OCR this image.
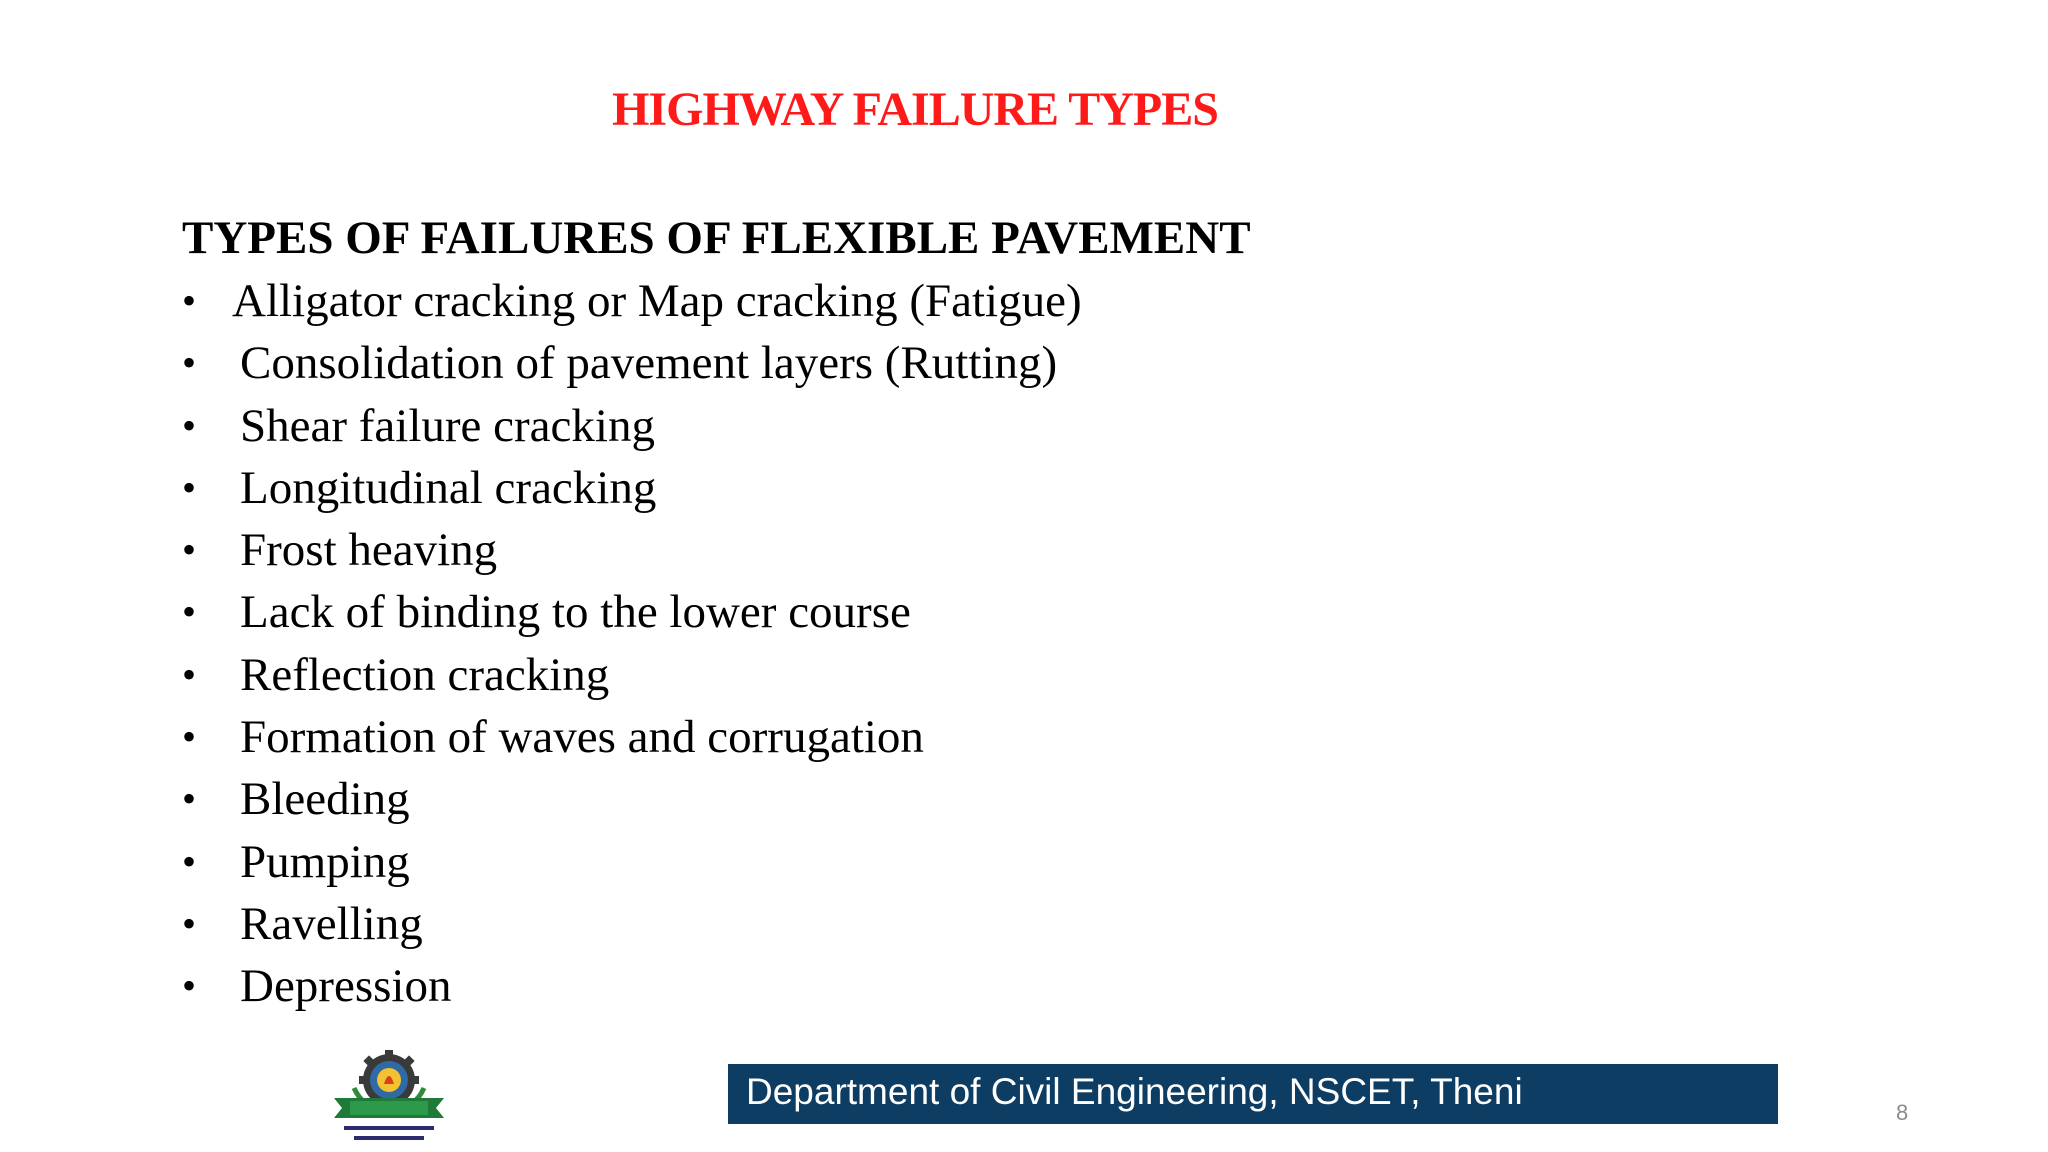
HIGHWAY FAILURE TYPES
TYPES OF FAILURES OF FLEXIBLE PAVEMENT
• Alligator cracking or Map cracking (Fatigue)
• Consolidation of pavement layers (Rutting)
• Shear failure cracking
• Longitudinal cracking
• Frost heaving
• Lack of binding to the lower course
• Reflection cracking
• Formation of waves and corrugation
• Bleeding
• Pumping
• Ravelling
• Depression
Department of Civil Engineering, NSCET, Theni
8
